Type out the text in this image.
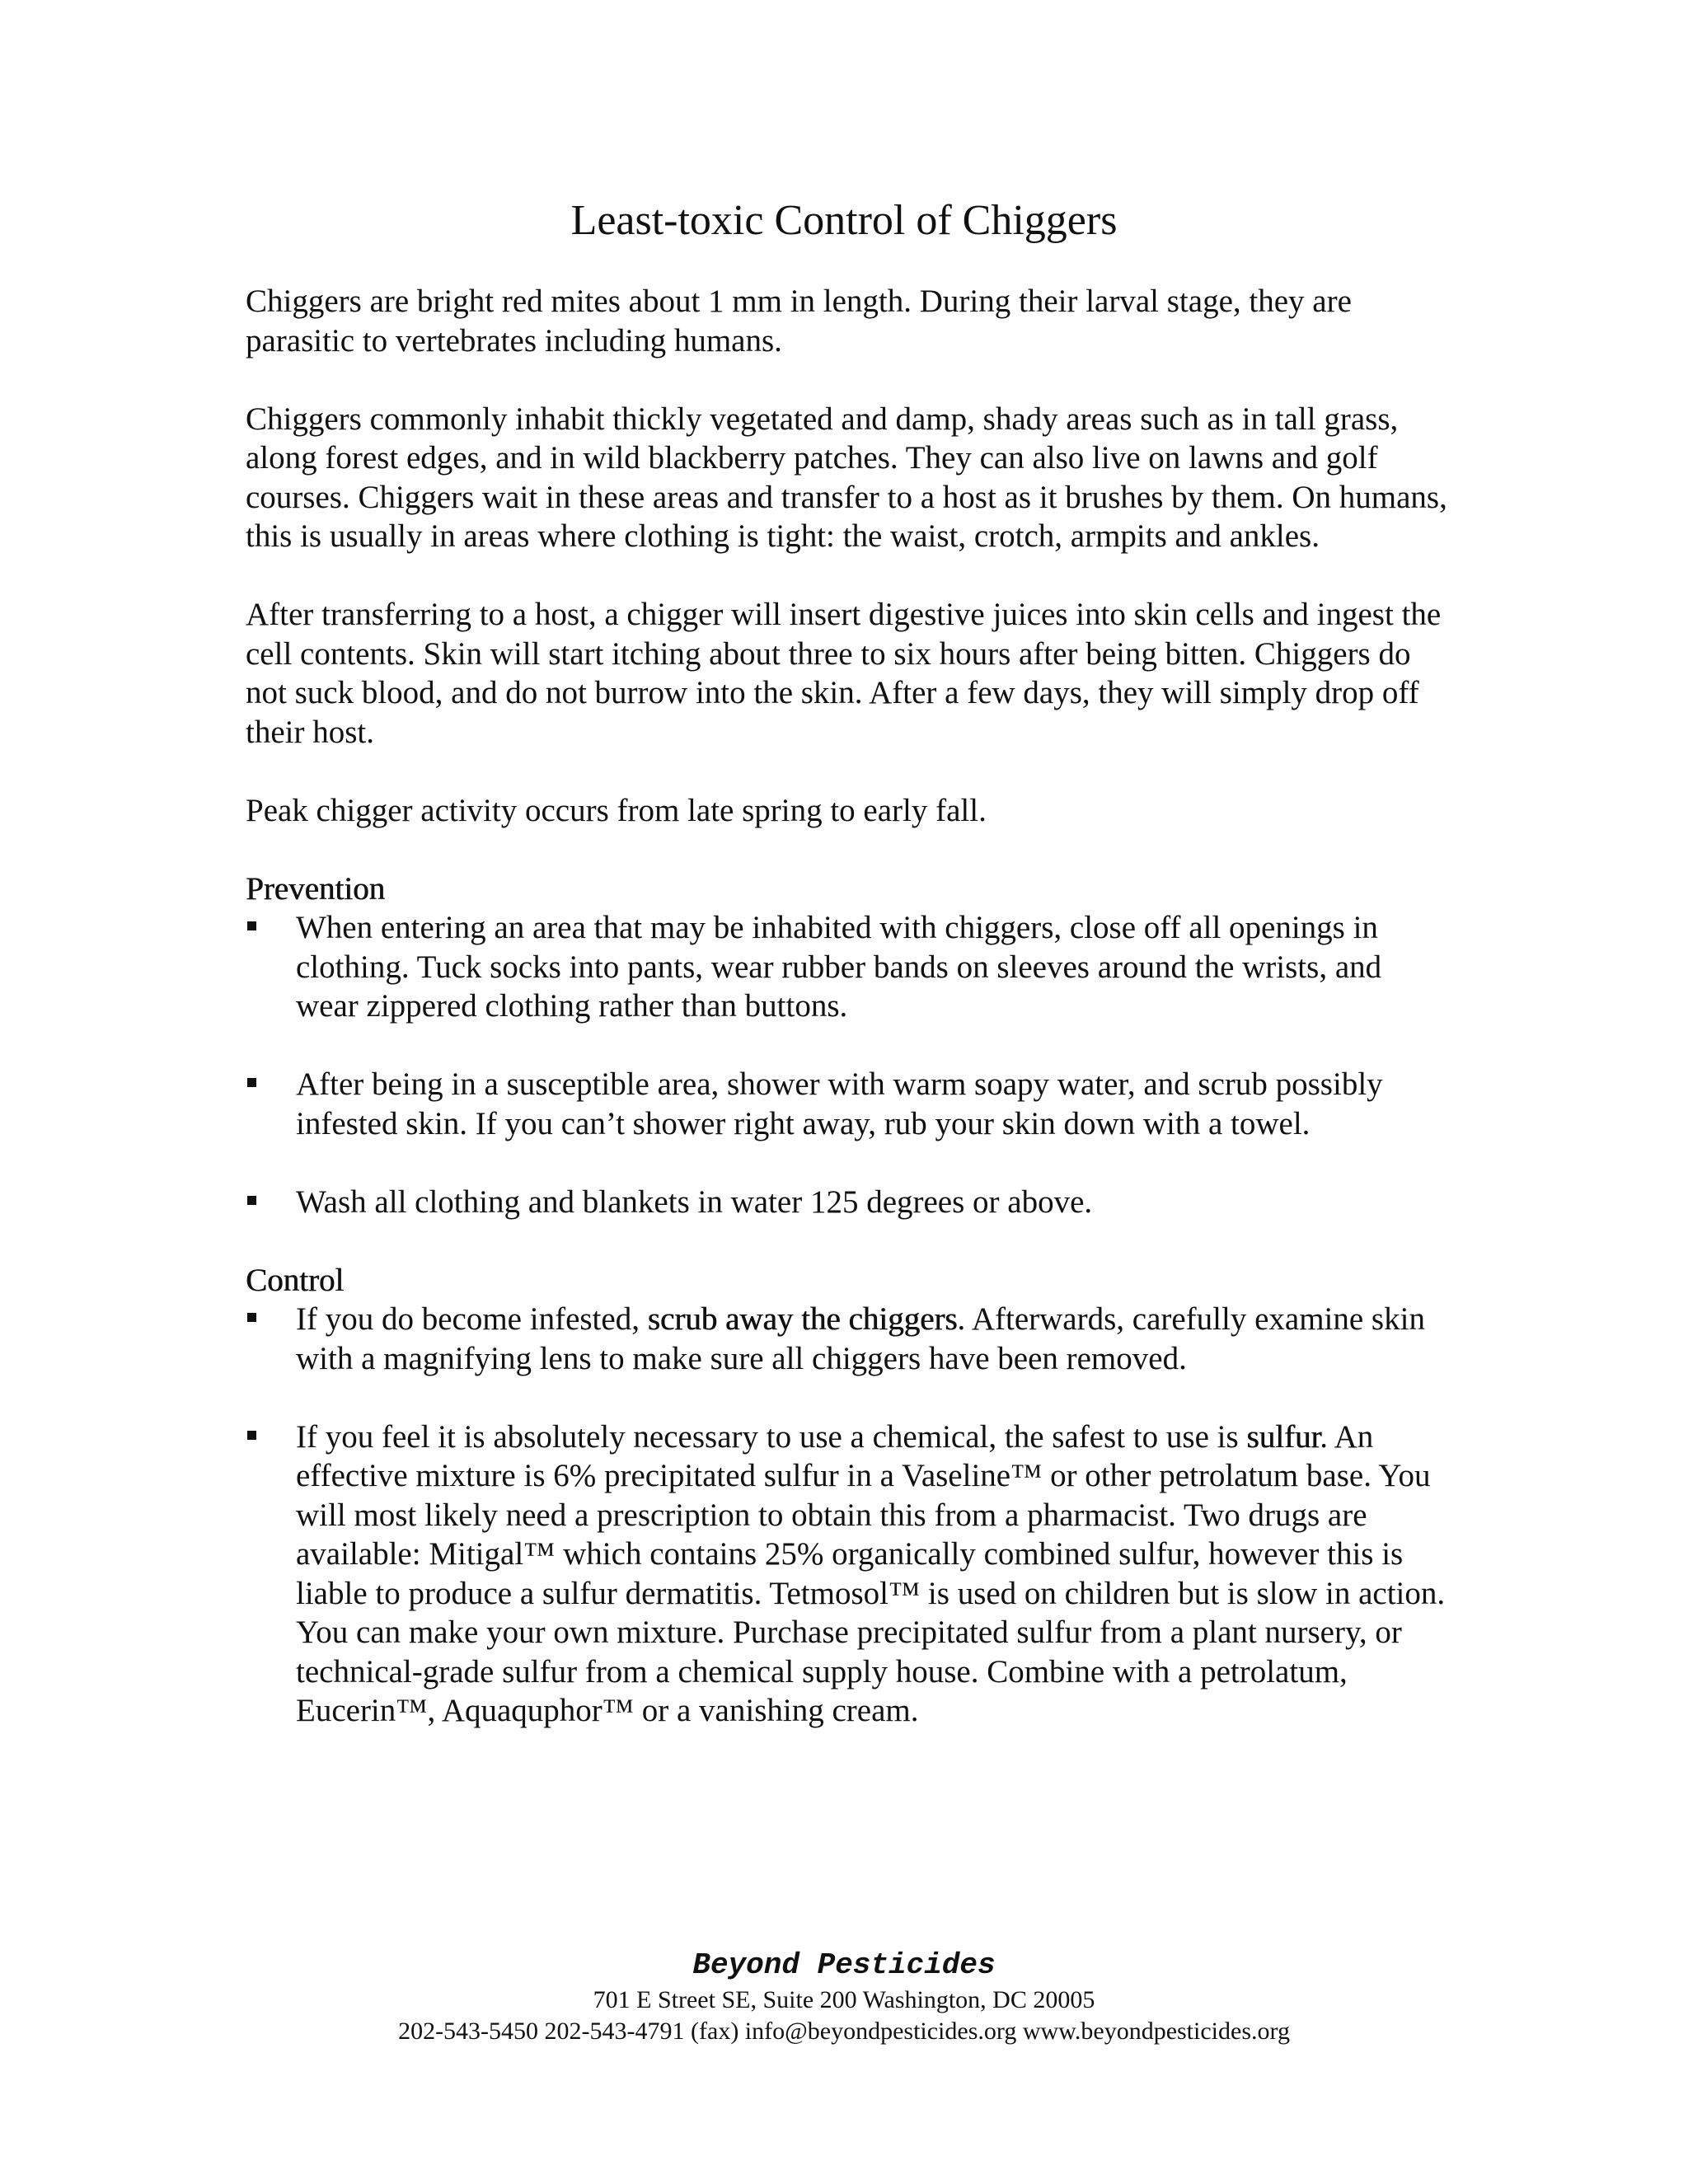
Least-toxic Control of Chiggers

Chiggers are bright red mites about 1 mm in length. During their larval stage, they are parasitic to vertebrates including humans.

Chiggers commonly inhabit thickly vegetated and damp, shady areas such as in tall grass, along forest edges, and in wild blackberry patches. They can also live on lawns and golf courses. Chiggers wait in these areas and transfer to a host as it brushes by them. On humans, this is usually in areas where clothing is tight: the waist, crotch, armpits and ankles.

After transferring to a host, a chigger will insert digestive juices into skin cells and ingest the cell contents. Skin will start itching about three to six hours after being bitten. Chiggers do not suck blood, and do not burrow into the skin. After a few days, they will simply drop off their host.

Peak chigger activity occurs from late spring to early fall.

Prevention
When entering an area that may be inhabited with chiggers, close off all openings in clothing. Tuck socks into pants, wear rubber bands on sleeves around the wrists, and wear zippered clothing rather than buttons.
After being in a susceptible area, shower with warm soapy water, and scrub possibly infested skin. If you can’t shower right away, rub your skin down with a towel.
Wash all clothing and blankets in water 125 degrees or above.
Control
If you do become infested, scrub away the chiggers. Afterwards, carefully examine skin with a magnifying lens to make sure all chiggers have been removed.
If you feel it is absolutely necessary to use a chemical, the safest to use is sulfur. An effective mixture is 6% precipitated sulfur in a Vaseline™ or other petrolatum base. You will most likely need a prescription to obtain this from a pharmacist. Two drugs are available: Mitigal™ which contains 25% organically combined sulfur, however this is liable to produce a sulfur dermatitis. Tetmosol™ is used on children but is slow in action. You can make your own mixture. Purchase precipitated sulfur from a plant nursery, or technical-grade sulfur from a chemical supply house. Combine with a petrolatum, Eucerin™, Aquaquphor™ or a vanishing cream.
Beyond Pesticides
701 E Street SE, Suite 200 Washington, DC 20005
202-543-5450 202-543-4791 (fax) info@beyondpesticides.org www.beyondpesticides.org
